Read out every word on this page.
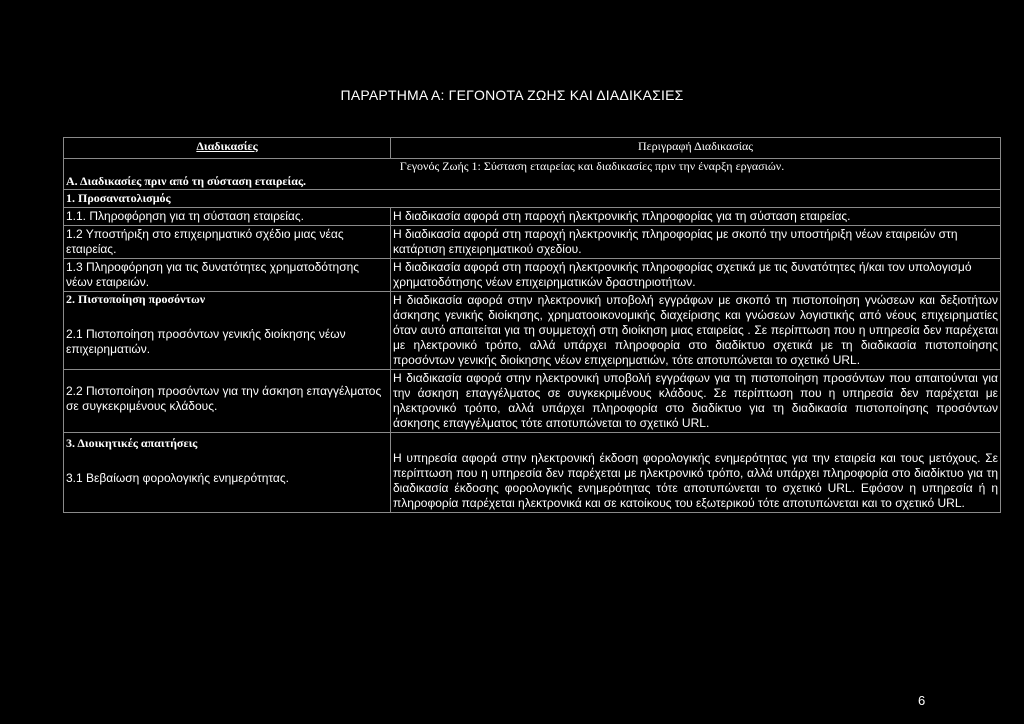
ΠΑΡΑΡΤΗΜΑ Α: ΓΕΓΟΝΟΤΑ ΖΩΗΣ ΚΑΙ ΔΙΑΔΙΚΑΣΙΕΣ
Διαδικασίες	Περιγραφή Διαδικασίας

Γεγονός Ζωής 1: Σύσταση εταιρείας και διαδικασίες πριν την έναρξη εργασιών.
Α. Διαδικασίες πριν από τη σύσταση εταιρείας.	

1. Προσανατολισμός	
1.1. Πληροφόρηση για τη σύσταση εταιρείας.	Η διαδικασία αφορά στη παροχή ηλεκτρονικής πληροφορίας για τη σύσταση εταιρείας.
1.2 Υποστήριξη στο επιχειρηματικό σχέδιο μιας νέας εταιρείας.	Η διαδικασία αφορά στη παροχή ηλεκτρονικής πληροφορίας με σκοπό την υποστήριξη νέων εταιρειών στη κατάρτιση επιχειρηματικού σχεδίου.
1.3 Πληροφόρηση για τις δυνατότητες χρηματοδότησης νέων εταιρειών.	Η διαδικασία αφορά στη παροχή ηλεκτρονικής πληροφορίας σχετικά με τις δυνατότητες ή/και τον υπολογισμό χρηματοδότησης νέων επιχειρηματικών δραστηριοτήτων.

2. Πιστοποίηση προσόντων
2.1 Πιστοποίηση προσόντων γενικής διοίκησης νέων επιχειρηματιών.	Η διαδικασία αφορά στην ηλεκτρονική υποβολή εγγράφων με σκοπό τη πιστοποίηση γνώσεων και δεξιοτήτων άσκησης γενικής διοίκησης, χρηματοοικονομικής διαχείρισης και γνώσεων λογιστικής από νέους επιχειρηματίες όταν αυτό απαιτείται για τη συμμετοχή στη διοίκηση μιας εταιρείας . Σε περίπτωση που η υπηρεσία δεν παρέχεται με ηλεκτρονικό τρόπο, αλλά υπάρχει πληροφορία στο διαδίκτυο σχετικά με τη διαδικασία πιστοποίησης προσόντων γενικής διοίκησης νέων επιχειρηματιών, τότε αποτυπώνεται το σχετικό URL.

2.2 Πιστοποίηση προσόντων για την άσκηση επαγγέλματος σε συγκεκριμένους κλάδους.	Η διαδικασία αφορά στην ηλεκτρονική υποβολή εγγράφων για τη πιστοποίηση προσόντων που απαιτούνται για την άσκηση επαγγέλματος σε συγκεκριμένους κλάδους. Σε περίπτωση που η υπηρεσία δεν παρέχεται με ηλεκτρονικό τρόπο, αλλά υπάρχει πληροφορία στο διαδίκτυο για τη διαδικασία πιστοποίησης προσόντων άσκησης επαγγέλματος τότε αποτυπώνεται το σχετικό URL.

3. Διοικητικές απαιτήσεις
3.1 Βεβαίωση φορολογικής ενημερότητας.	Η υπηρεσία αφορά στην ηλεκτρονική έκδοση φορολογικής ενημερότητας για την εταιρεία και τους μετόχους. Σε περίπτωση που η υπηρεσία δεν παρέχεται με ηλεκτρονικό τρόπο, αλλά υπάρχει πληροφορία στο διαδίκτυο για τη διαδικασία έκδοσης φορολογικής ενημερότητας τότε αποτυπώνεται το σχετικό URL. Εφόσον η υπηρεσία ή η πληροφορία παρέχεται ηλεκτρονικά και σε κατοίκους του εξωτερικού τότε αποτυπώνεται και το σχετικό URL.
6
